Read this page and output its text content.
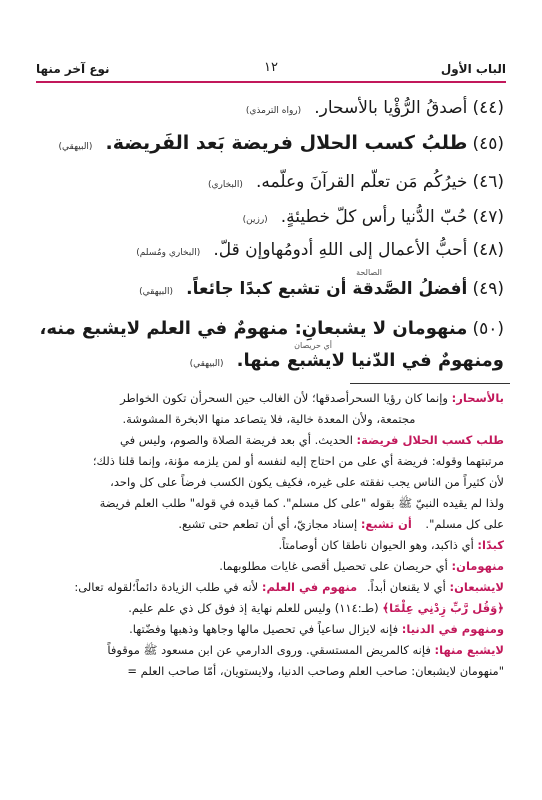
الباب الأول
١٢
نوع آخر منها
(٤٤) أصدقُ الرُّؤْيا بالأسحار. (رواه الترمذي)
(٤٥) طلبُ كسب الحلال فريضة بَعد الفَريضة. (البيهقي)
(٤٦) خيرُكُم مَن تعلّم القرآنَ وعلّمه. (البخاري)
(٤٧) حُبّ الدُّنيا رأس كلّ خطيئةٍ. (رزين)
(٤٨) أحبُّ الأعمال إلى اللهِ أدومُهاوإن قلّ. (البخاري ومُسلم)
الصالحة
(٤٩) أفضلُ الصَّدقة أن تشبع كبدًا جائعاً. (البيهقي)
(٥٠) منهومان لا يشبعانِ: منهومٌ في العلم لايشبع منه،
أي حريصان
ومنهومٌ في الدّنيا لايشبع منها. (البيهقي)
بالأسحار: وإنما كان رؤيا السحرأصدقها؛ لأن الغالب حين السحرأن تكون الخواطر
مجتمعة، ولأن المعدة خالية، فلا يتصاعد منها الابخرة المشوشة.
طلب كسب الحلال فريضة: الحديث. أي بعد فريضة الصلاة والصوم، وليس في
مرتبتهما وقوله: فريضة أي على من احتاج إليه لنفسه أو لمن يلزمه مؤنة، وإنما قلنا ذلك؛
لأن كثيراً من الناس يجب نفقته على غيره، فكيف يكون الكسب فرضاً على كل واحد،
ولذا لم يقيده النبيّ ﷺ بقوله "على كل مسلم". كما قيده في قوله" طلب العلم فريضة
على كل مسلم". أن تشبع: إسناد مجازيّ، أي أن تطعم حتى تشبع.
كبدًا: أي ذاكبد، وهو الحيوان ناطقا كان أوصامتاً.
منهومان: أي حريصان على تحصيل أقصى غايات مطلوبهما.
لايشبعان: أي لا يقنعان أبداً. منهوم في العلم: لأنه في طلب الزيادة دائماً؛لقوله تعالى:
﴿وَقُل رَّبِّ زِدْنِي عِلْمًا﴾ (طـ:١١٤) وليس للعلم نهاية إذ فوق كل ذي علم عليم.
ومنهوم في الدنيا: فإنه لايزال ساعياً في تحصيل مالها وجاهها وذهبها وفضّتها.
لايشبع منها: فإنه كالمريض المستسقي. وروى الدارمي عن ابن مسعود ﷺ موقوفاً
"منهومان لايشبعان: صاحب العلم وصاحب الدنيا، ولايستويان، أمّا صاحب العلم =
